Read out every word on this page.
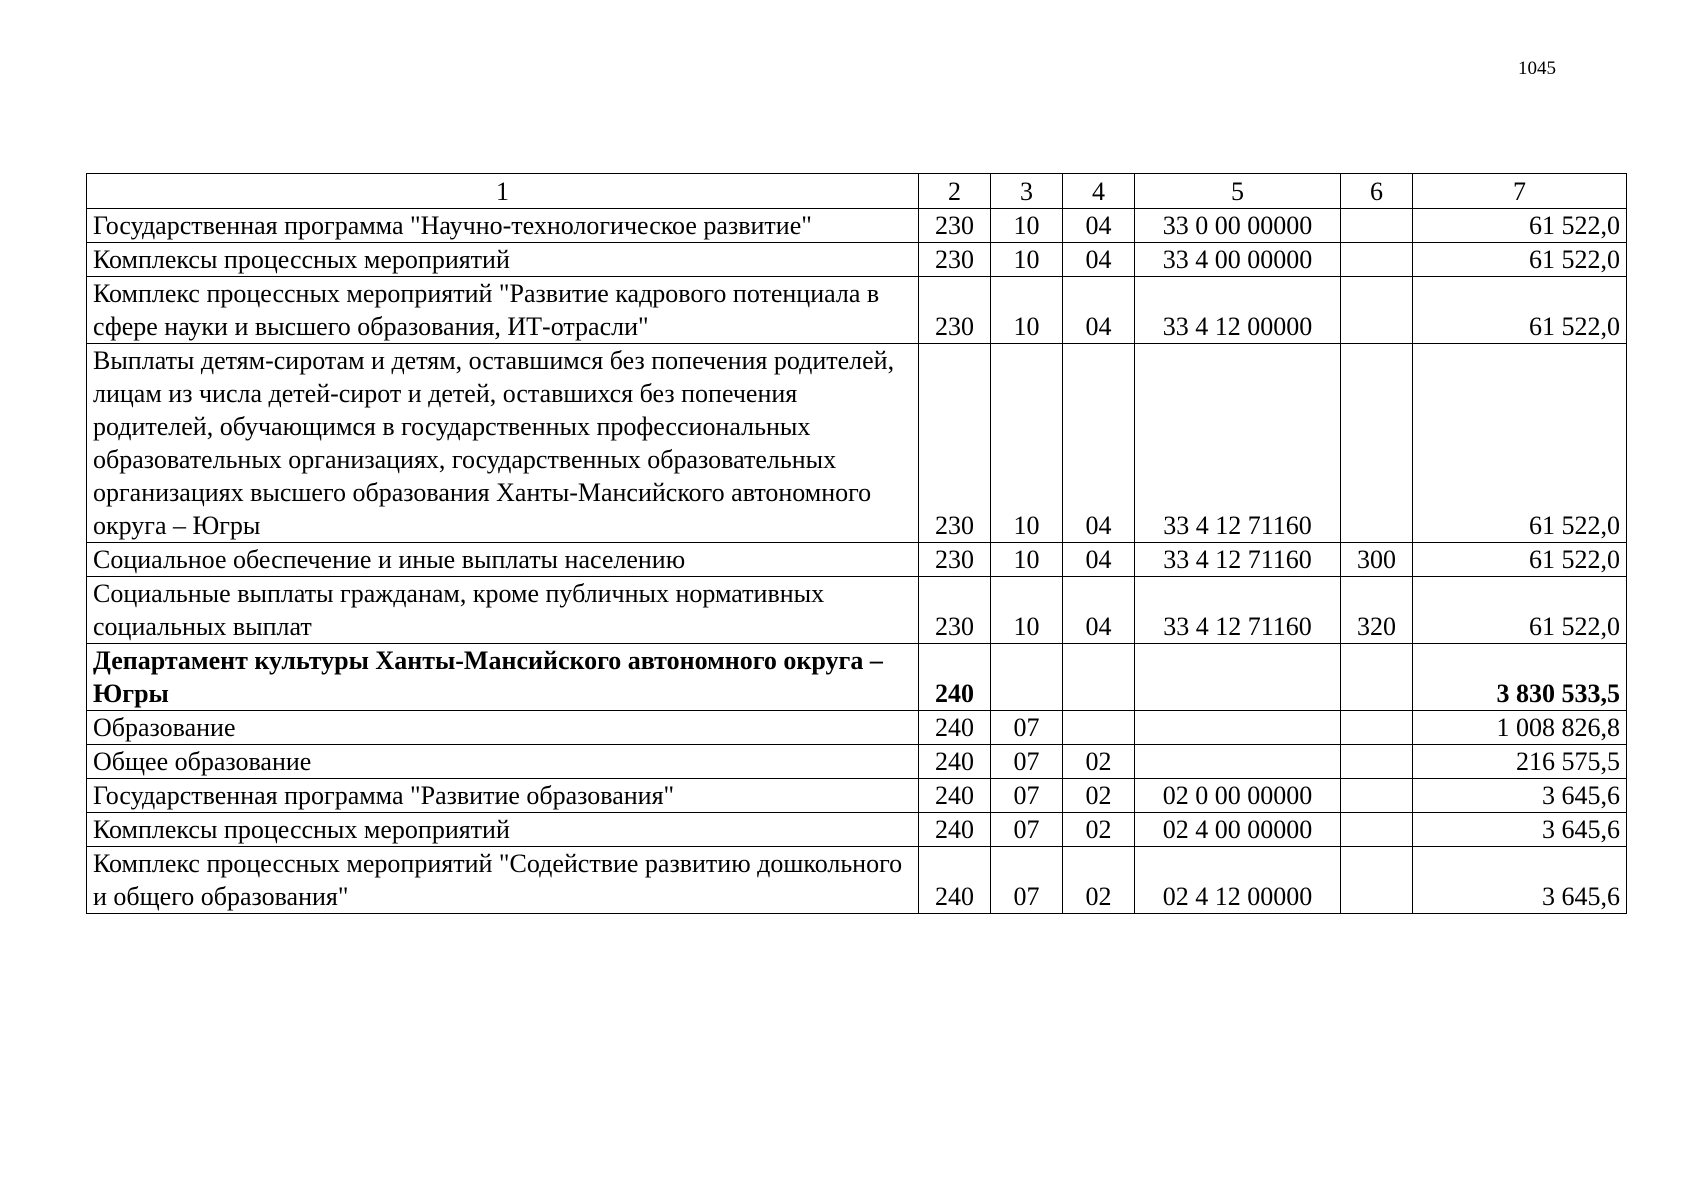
1045
1	2	3	4	5	6	7
Государственная программа "Научно-технологическое развитие"	230	10	04	33 0 00 00000		61 522,0
Комплексы процессных мероприятий	230	10	04	33 4 00 00000		61 522,0
Комплекс процессных мероприятий "Развитие кадрового потенциала в сфере науки и высшего образования, ИТ-отрасли"	230	10	04	33 4 12 00000		61 522,0
Выплаты детям-сиротам и детям, оставшимся без попечения родителей, лицам из числа детей-сирот и детей, оставшихся без попечения родителей, обучающимся в государственных профессиональных образовательных организациях, государственных образовательных организациях высшего образования Ханты-Мансийского автономного округа – Югры	230	10	04	33 4 12 71160		61 522,0
Социальное обеспечение и иные выплаты населению	230	10	04	33 4 12 71160	300	61 522,0
Социальные выплаты гражданам, кроме публичных нормативных социальных выплат	230	10	04	33 4 12 71160	320	61 522,0
Департамент культуры Ханты-Мансийского автономного округа – Югры	240					3 830 533,5
Образование	240	07				1 008 826,8
Общее образование	240	07	02			216 575,5
Государственная программа "Развитие образования"	240	07	02	02 0 00 00000		3 645,6
Комплексы процессных мероприятий	240	07	02	02 4 00 00000		3 645,6
Комплекс процессных мероприятий "Содействие развитию дошкольного и общего образования"	240	07	02	02 4 12 00000		3 645,6
